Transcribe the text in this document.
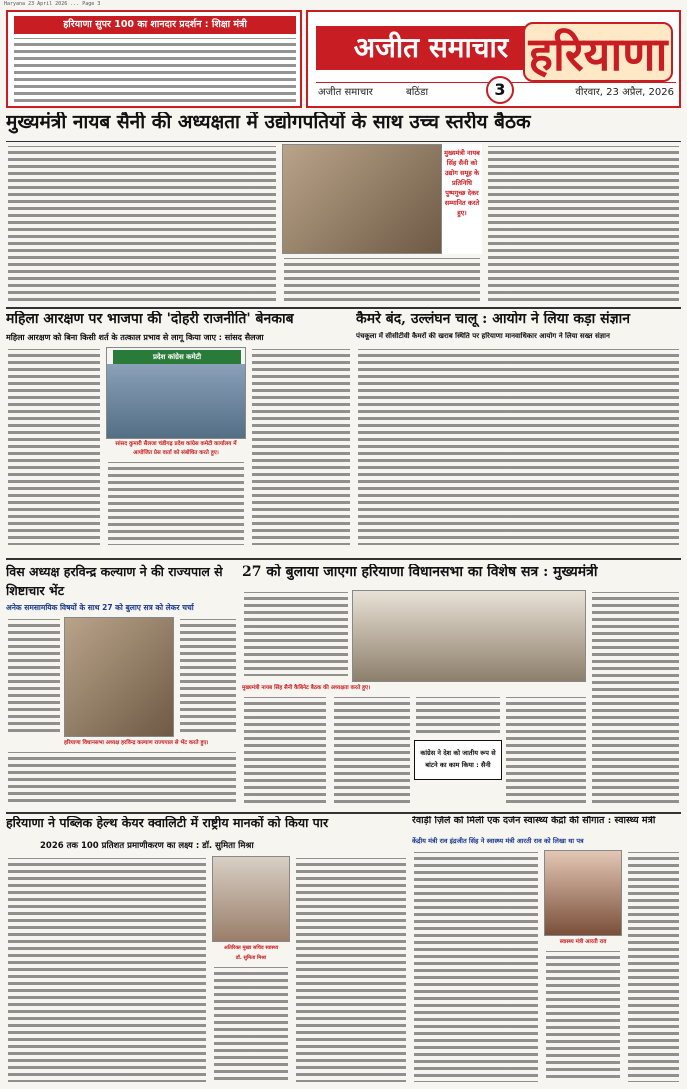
Haryana 23 April 2026 ... Page 3
हरियाणा सुपर 100 का शानदार प्रदर्शन : शिक्षा मंत्री
अजीत समाचार हरियाणा
अजीत समाचार	बठिंडा	वीरवार, 23 अप्रैल, 2026
3
मुख्यमंत्री नायब सैनी की अध्यक्षता में उद्योगपतियों के साथ उच्च स्तरीय बैठक
मुख्यमंत्री नायब सिंह सैनी को उद्योग समूह के प्रतिनिधि पुष्पगुच्छ देकर सम्मानित करते हुए।
महिला आरक्षण पर भाजपा की 'दोहरी राजनीति' बेनकाब
महिला आरक्षण को बिना किसी शर्त के तत्काल प्रभाव से लागू किया जाए : सांसद सैलजा
कैमरे बंद, उल्लंघन चालू : आयोग ने लिया कड़ा संज्ञान
पंचकूला में सीसीटीवी कैमरों की खराब स्थिति पर हरियाणा मानवाधिकार आयोग ने लिया सख्त संज्ञान
प्रदेश कांग्रेस कमेटी
सांसद कुमारी सैलजा चंडीगढ़ प्रदेश कांग्रेस कमेटी कार्यालय में आयोजित प्रेस वार्ता को संबोधित करते हुए।
विस अध्यक्ष हरविन्द्र कल्याण ने की राज्यपाल से शिष्टाचार भेंट
अनेक समसामयिक विषयों के साथ 27 को बुलाए सत्र को लेकर चर्चा
हरियाणा विधानसभा अध्यक्ष हरविन्द्र कल्याण राज्यपाल से भेंट करते हुए।
27 को बुलाया जाएगा हरियाणा विधानसभा का विशेष सत्र : मुख्यमंत्री
मुख्यमंत्री नायब सिंह सैनी कैबिनेट बैठक की अध्यक्षता करते हुए।
कांग्रेस ने देश को जातीय रूप से
बांटने का काम किया : सैनी
हरियाणा ने पब्लिक हेल्थ केयर क्वालिटी में राष्ट्रीय मानकों को किया पार
2026 तक 100 प्रतिशत प्रमाणीकरण का लक्ष्य : डॉ. सुमिता मिश्रा
अतिरिक्त मुख्य सचिव स्वास्थ्य
डॉ. सुमिता मिश्रा
रेवाड़ी ज़िले को मिली एक दर्जन स्वास्थ्य केंद्रों की सौगात : स्वास्थ्य मंत्री
केंद्रीय मंत्री राव इंद्रजीत सिंह ने स्वास्थ्य मंत्री आरती राव को लिखा था पत्र
स्वास्थ्य मंत्री आरती राव
